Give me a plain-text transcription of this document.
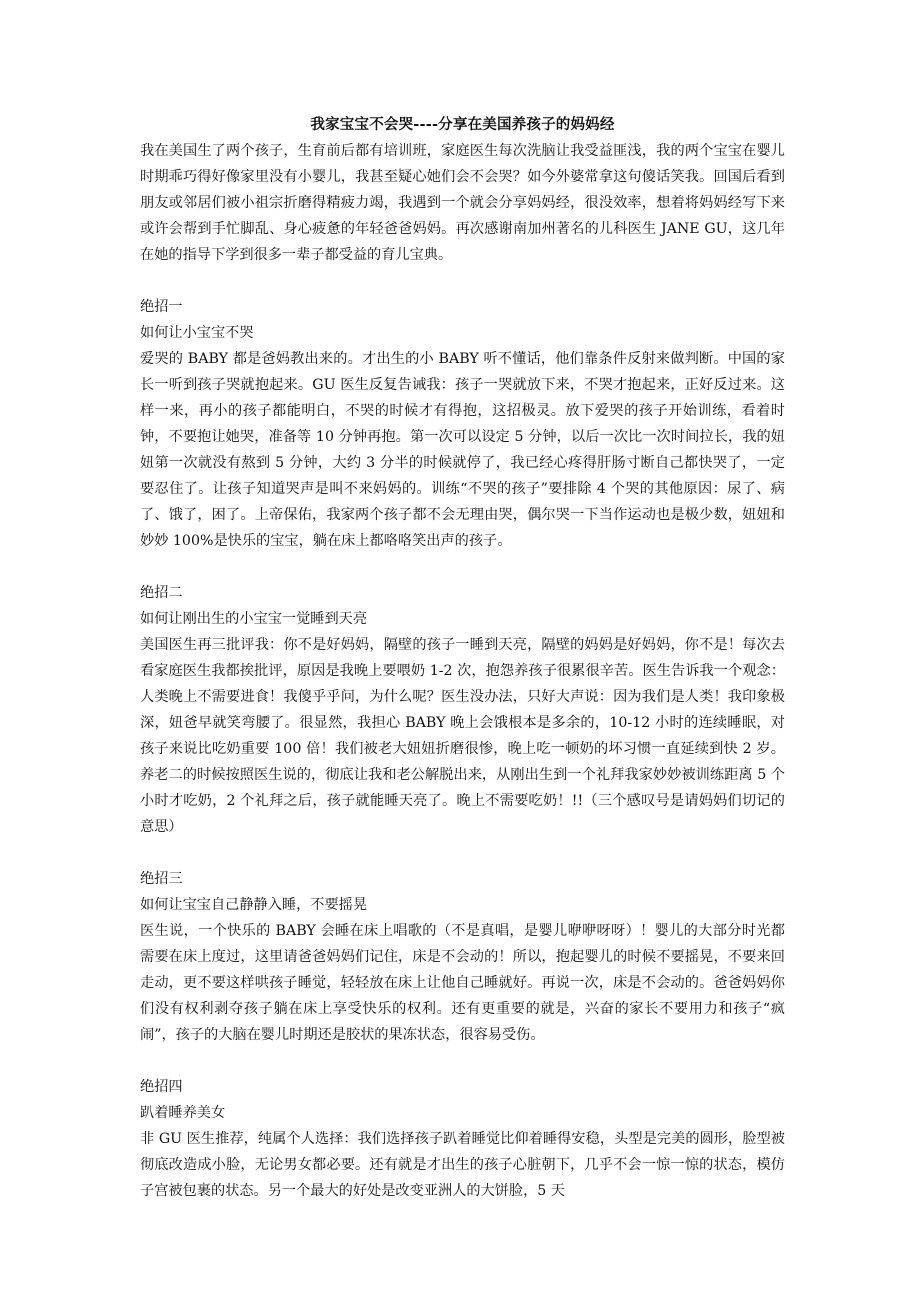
我家宝宝不会哭----分享在美国养孩子的妈妈经

我在美国生了两个孩子，生育前后都有培训班，家庭医生每次洗脑让我受益匪浅，我的两个宝宝在婴儿时期乖巧得好像家里没有小婴儿，我甚至疑心她们会不会哭？如今外婆常拿这句傻话笑我。回国后看到朋友或邻居们被小祖宗折磨得精疲力竭，我遇到一个就会分享妈妈经，很没效率，想着将妈妈经写下来或许会帮到手忙脚乱、身心疲惫的年轻爸爸妈妈。再次感谢南加州著名的儿科医生 JANE GU，这几年在她的指导下学到很多一辈子都受益的育儿宝典。

绝招一

如何让小宝宝不哭

爱哭的 BABY 都是爸妈教出来的。才出生的小 BABY 听不懂话，他们靠条件反射来做判断。中国的家长一听到孩子哭就抱起来。GU 医生反复告诫我：孩子一哭就放下来，不哭才抱起来，正好反过来。这样一来，再小的孩子都能明白，不哭的时候才有得抱，这招极灵。放下爱哭的孩子开始训练，看着时钟，不要抱让她哭，准备等 10 分钟再抱。第一次可以设定 5 分钟，以后一次比一次时间拉长，我的妞妞第一次就没有熬到 5 分钟，大约 3 分半的时候就停了，我已经心疼得肝肠寸断自己都快哭了，一定要忍住了。让孩子知道哭声是叫不来妈妈的。训练“不哭的孩子”要排除 4 个哭的其他原因：尿了、病了、饿了，困了。上帝保佑，我家两个孩子都不会无理由哭，偶尔哭一下当作运动也是极少数，妞妞和妙妙 100%是快乐的宝宝，躺在床上都咯咯笑出声的孩子。

绝招二

如何让刚出生的小宝宝一觉睡到天亮

美国医生再三批评我：你不是好妈妈，隔壁的孩子一睡到天亮，隔壁的妈妈是好妈妈，你不是！每次去看家庭医生我都挨批评，原因是我晚上要喂奶 1-2 次，抱怨养孩子很累很辛苦。医生告诉我一个观念：人类晚上不需要进食！我傻乎乎问，为什么呢？医生没办法，只好大声说：因为我们是人类！我印象极深，妞爸早就笑弯腰了。很显然，我担心 BABY 晚上会饿根本是多余的，10-12 小时的连续睡眠，对孩子来说比吃奶重要 100 倍！我们被老大妞妞折磨很惨，晚上吃一顿奶的坏习惯一直延续到快 2 岁。养老二的时候按照医生说的，彻底让我和老公解脱出来，从刚出生到一个礼拜我家妙妙被训练距离 5 个小时才吃奶，2 个礼拜之后，孩子就能睡天亮了。晚上不需要吃奶！!!（三个感叹号是请妈妈们切记的意思）

绝招三

如何让宝宝自己静静入睡，不要摇晃

医生说，一个快乐的 BABY 会睡在床上唱歌的（不是真唱，是婴儿咿咿呀呀）！婴儿的大部分时光都需要在床上度过，这里请爸爸妈妈们记住，床是不会动的！所以，抱起婴儿的时候不要摇晃，不要来回走动，更不要这样哄孩子睡觉，轻轻放在床上让他自己睡就好。再说一次，床是不会动的。爸爸妈妈你们没有权利剥夺孩子躺在床上享受快乐的权利。还有更重要的就是，兴奋的家长不要用力和孩子“疯闹”，孩子的大脑在婴儿时期还是胶状的果冻状态，很容易受伤。

绝招四

趴着睡养美女

非 GU 医生推荐，纯属个人选择：我们选择孩子趴着睡觉比仰着睡得安稳，头型是完美的圆形，脸型被彻底改造成小脸，无论男女都必要。还有就是才出生的孩子心脏朝下，几乎不会一惊一惊的状态，模仿子宫被包裹的状态。另一个最大的好处是改变亚洲人的大饼脸，5 天
